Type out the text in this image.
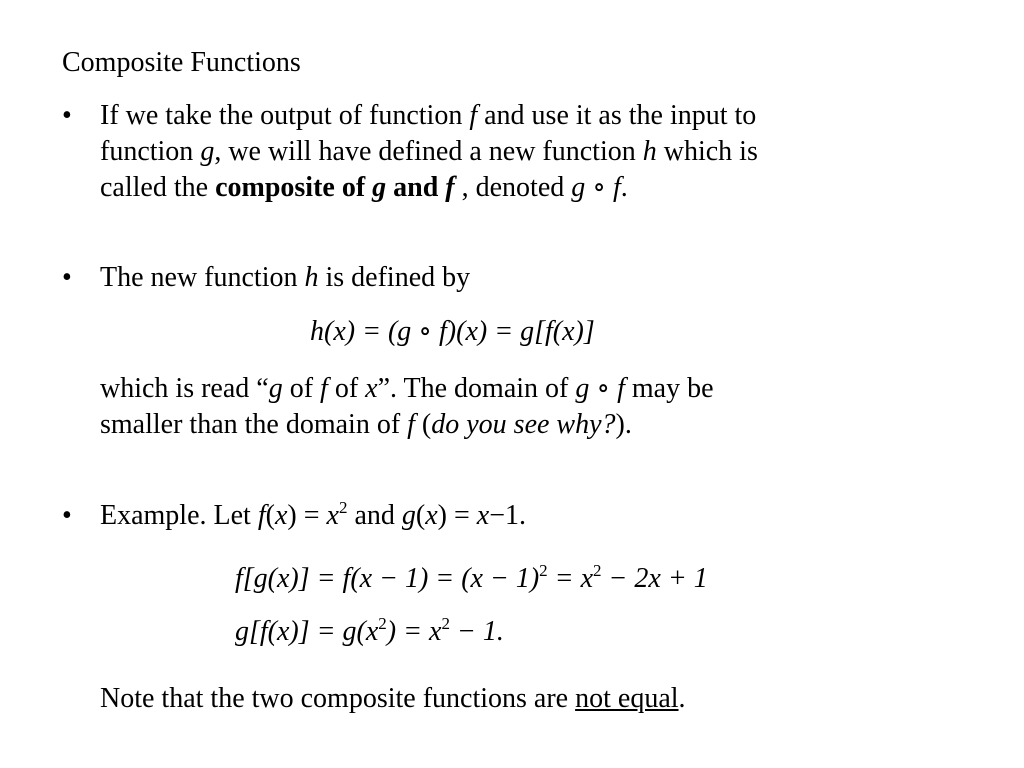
Composite Functions
• If we take the output of function f and use it as the input to
function g, we will have defined a new function h which is
called the composite of g and f , denoted g ∘ f.
• The new function h is defined by
h(x) = (g ∘ f)(x) = g[f(x)]
which is read “g of f of x”. The domain of g ∘ f may be
smaller than the domain of f (do you see why?).
• Example. Let $f(x) = x^2$ and g(x) = x−1.
$f[g(x)] = f(x - 1) = (x - 1)^2 = x^2 - 2x + 1$
$g[f(x)] = g(x^2) = x^2 - 1$.
Note that the two composite functions are not equal.
